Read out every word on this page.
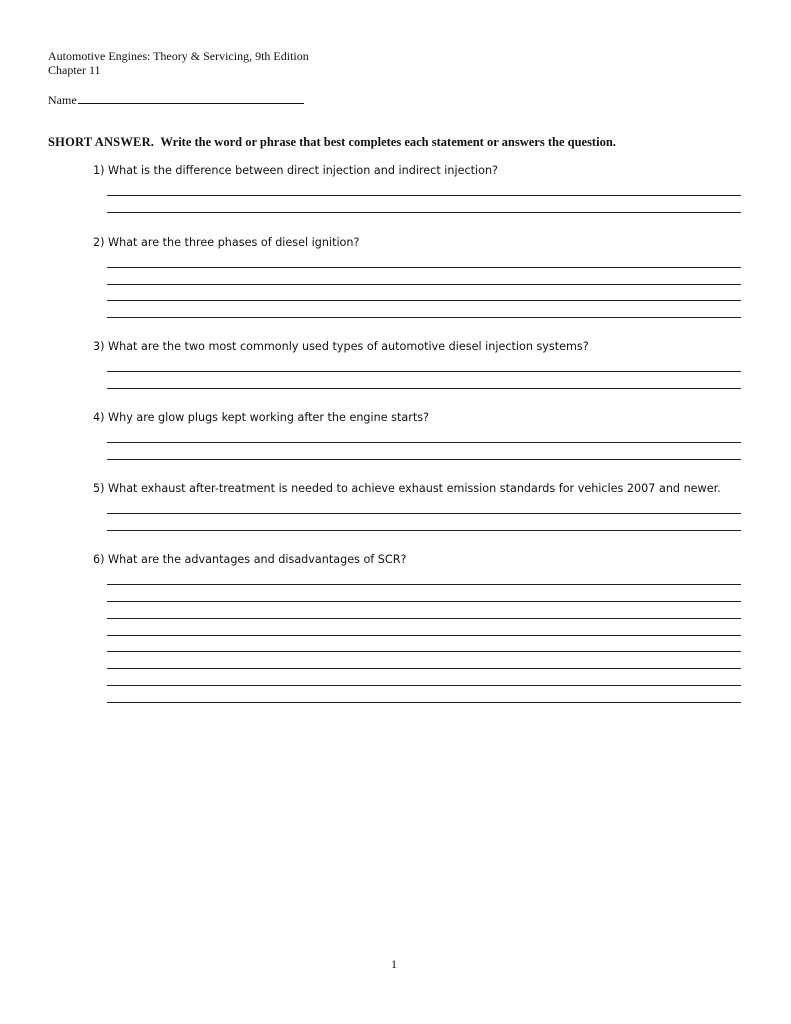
Automotive Engines: Theory & Servicing, 9th Edition
Chapter 11
Name
SHORT ANSWER. Write the word or phrase that best completes each statement or answers the question.
1) What is the difference between direct injection and indirect injection?
2) What are the three phases of diesel ignition?
3) What are the two most commonly used types of automotive diesel injection systems?
4) Why are glow plugs kept working after the engine starts?
5) What exhaust after-treatment is needed to achieve exhaust emission standards for vehicles 2007 and newer.
6) What are the advantages and disadvantages of SCR?
1
